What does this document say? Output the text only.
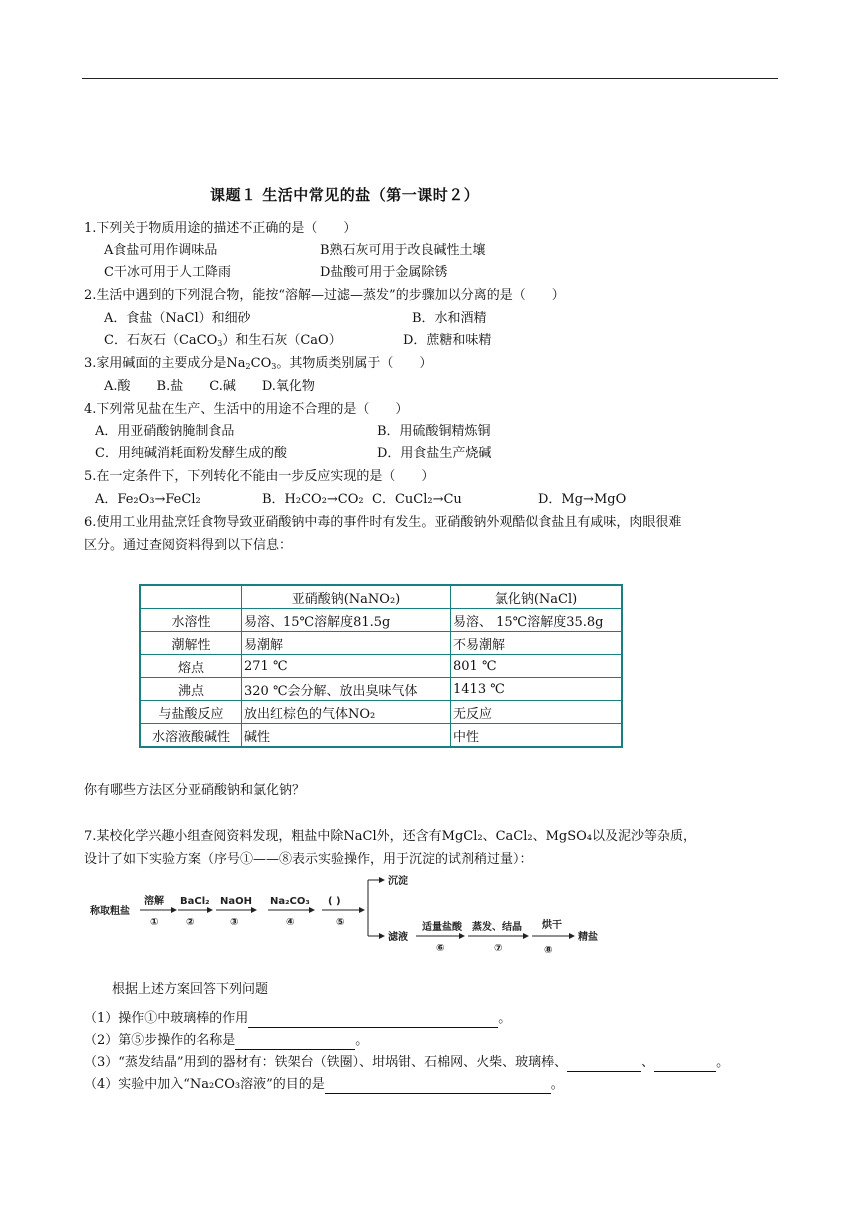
课题１ 生活中常见的盐（第一课时２）
1.下列关于物质用途的描述不正确的是（　　）
A食盐可用作调味品	B熟石灰可用于改良碱性土壤
C干冰可用于人工降雨	D盐酸可用于金属除锈
2.生活中遇到的下列混合物，能按“溶解—过滤—蒸发”的步骤加以分离的是（　　）
A．食盐（NaCl）和细砂	B．水和酒精
C．石灰石（CaCO$_3$）和生石灰（CaO）	D．蔗糖和味精
3.家用碱面的主要成分是$Na_2CO_3$。其物质类别属于（　　）
A.酸　　B.盐　　C.碱　　D.氧化物
4.下列常见盐在生产、生活中的用途不合理的是（　　）
A．用亚硝酸钠腌制食品	B．用硫酸铜精炼铜
C．用纯碱消耗面粉发酵生成的酸	D．用食盐生产烧碱
5.在一定条件下，下列转化不能由一步反应实现的是（　　）
A．Fe₂O₃→FeCl₂	B．H₂CO₂→CO₂ C．CuCl₂→Cu	D．Mg→MgO
6.使用工业用盐烹饪食物导致亚硝酸钠中毒的事件时有发生。亚硝酸钠外观酷似食盐且有咸味，肉眼很难
区分。通过查阅资料得到以下信息：
	亚硝酸钠(NaNO₂)	氯化钠(NaCl)
水溶性	易溶、15℃溶解度81.5g	易溶、 15℃溶解度35.8g
潮解性	易潮解	不易潮解
熔点	271 ℃	801 ℃
沸点	320 ℃会分解、放出臭味气体	1413 ℃
与盐酸反应	放出红棕色的气体NO₂	无反应
水溶液酸碱性	碱性	中性
你有哪些方法区分亚硝酸钠和氯化钠？
7.某校化学兴趣小组查阅资料发现，粗盐中除NaCl外，还含有MgCl₂、CaCl₂、MgSO₄以及泥沙等杂质，
设计了如下实验方案（序号①——⑧表示实验操作，用于沉淀的试剂稍过量）：
称取粗盐
溶解
①
BaCl₂
②
NaOH
③
Na₂CO₃
④
( )
⑤
沉淀
滤液
适量盐酸
⑥
蒸发、结晶
⑦
烘干
⑧
精盐
根据上述方案回答下列问题
（1）操作①中玻璃棒的作用	。
（2）第⑤步操作的名称是	。
（3）“蒸发结晶”用到的器材有：铁架台（铁圈）、坩埚钳、石棉网、火柴、玻璃棒、	、	。
（4）实验中加入“Na₂CO₃溶液”的目的是	。
